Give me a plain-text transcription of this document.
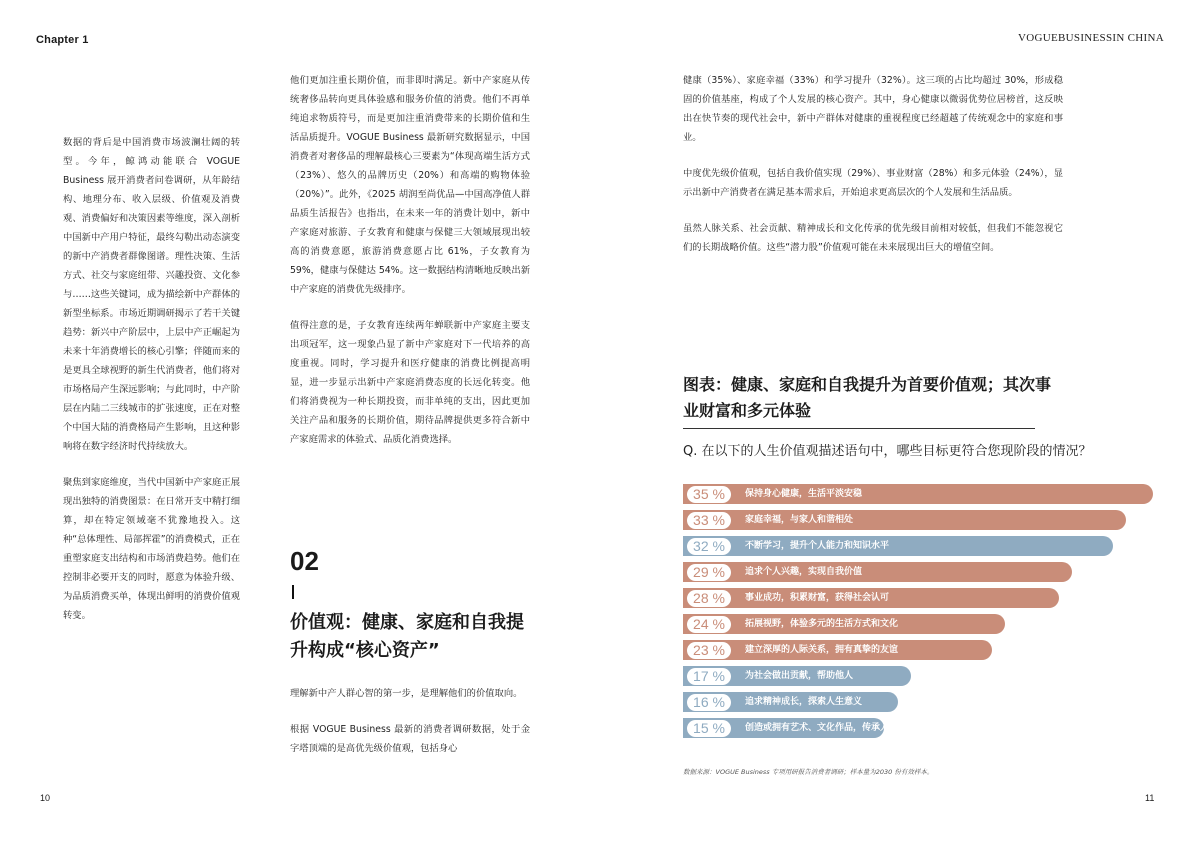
Chapter 1	VOGUEBUSINESSIN CHINA

数据的背后是中国消费市场波澜壮阔的转型。今年，鲸鸿动能联合 VOGUE Business 展开消费者问卷调研，从年龄结构、地理分布、收入层级、价值观及消费观、消费偏好和决策因素等维度，深入剖析中国新中产用户特征，最终勾勒出动态演变的新中产消费者群像图谱。理性决策、生活方式、社交与家庭纽带、兴趣投资、文化参与……这些关键词，成为描绘新中产群体的新型坐标系。市场近期调研揭示了若干关键趋势：新兴中产阶层中，上层中产正崛起为未来十年消费增长的核心引擎；伴随而来的是更具全球视野的新生代消费者，他们将对市场格局产生深远影响；与此同时，中产阶层在内陆二三线城市的扩张速度，正在对整个中国大陆的消费格局产生影响，且这种影响将在数字经济时代持续放大。

聚焦到家庭维度，当代中国新中产家庭正展现出独特的消费图景：在日常开支中精打细算，却在特定领域毫不犹豫地投入。这种“总体理性、局部挥霍”的消费模式，正在重塑家庭支出结构和市场消费趋势。他们在控制非必要开支的同时，愿意为体验升级、为品质消费买单，体现出鲜明的消费价值观转变。

他们更加注重长期价值，而非即时满足。新中产家庭从传统奢侈品转向更具体验感和服务价值的消费。他们不再单纯追求物质符号，而是更加注重消费带来的长期价值和生活品质提升。VOGUE Business 最新研究数据显示，中国消费者对奢侈品的理解最核心三要素为“体现高端生活方式（23%）、悠久的品牌历史（20%）和高端的购物体验（20%）”。此外，《2025 胡润至尚优品—中国高净值人群品质生活报告》也指出，在未来一年的消费计划中，新中产家庭对旅游、子女教育和健康与保健三大领域展现出较高的消费意愿，旅游消费意愿占比 61%，子女教育为 59%，健康与保健达 54%。这一数据结构清晰地反映出新中产家庭的消费优先级排序。

值得注意的是，子女教育连续两年蝉联新中产家庭主要支出项冠军，这一现象凸显了新中产家庭对下一代培养的高度重视。同时，学习提升和医疗健康的消费比例提高明显，进一步显示出新中产家庭消费态度的长远化转变。他们将消费视为一种长期投资，而非单纯的支出，因此更加关注产品和服务的长期价值，期待品牌提供更多符合新中产家庭需求的体验式、品质化消费选择。

02
价值观：健康、家庭和自我提升构成“核心资产”

理解新中产人群心智的第一步，是理解他们的价值取向。

根据 VOGUE Business 最新的消费者调研数据，处于金字塔顶端的是高优先级价值观，包括身心

健康（35%）、家庭幸福（33%）和学习提升（32%）。这三项的占比均超过 30%，形成稳固的价值基座，构成了个人发展的核心资产。其中，身心健康以微弱优势位居榜首，这反映出在快节奏的现代社会中，新中产群体对健康的重视程度已经超越了传统观念中的家庭和事业。

中度优先级价值观，包括自我价值实现（29%）、事业财富（28%）和多元体验（24%），显示出新中产消费者在满足基本需求后，开始追求更高层次的个人发展和生活品质。

虽然人脉关系、社会贡献、精神成长和文化传承的优先级目前相对较低，但我们不能忽视它们的长期战略价值。这些“潜力股”价值观可能在未来展现出巨大的增值空间。

图表：健康、家庭和自我提升为首要价值观；其次事业财富和多元体验
Q. 在以下的人生价值观描述语句中，哪些目标更符合您现阶段的情况？
35 %	保持身心健康，生活平淡安稳
33 %	家庭幸福，与家人和谐相处
32 %	不断学习，提升个人能力和知识水平
29 %	追求个人兴趣，实现自我价值
28 %	事业成功，积累财富，获得社会认可
24 %	拓展视野，体验多元的生活方式和文化
23 %	建立深厚的人际关系，拥有真挚的友谊
17 %	为社会做出贡献，帮助他人
16 %	追求精神成长，探索人生意义
15 %	创造或拥有艺术、文化作品，传承人类文明
数据来源：VOGUE Business 专项用研报告消费者调研；样本量为2030 份有效样本。
10	11
